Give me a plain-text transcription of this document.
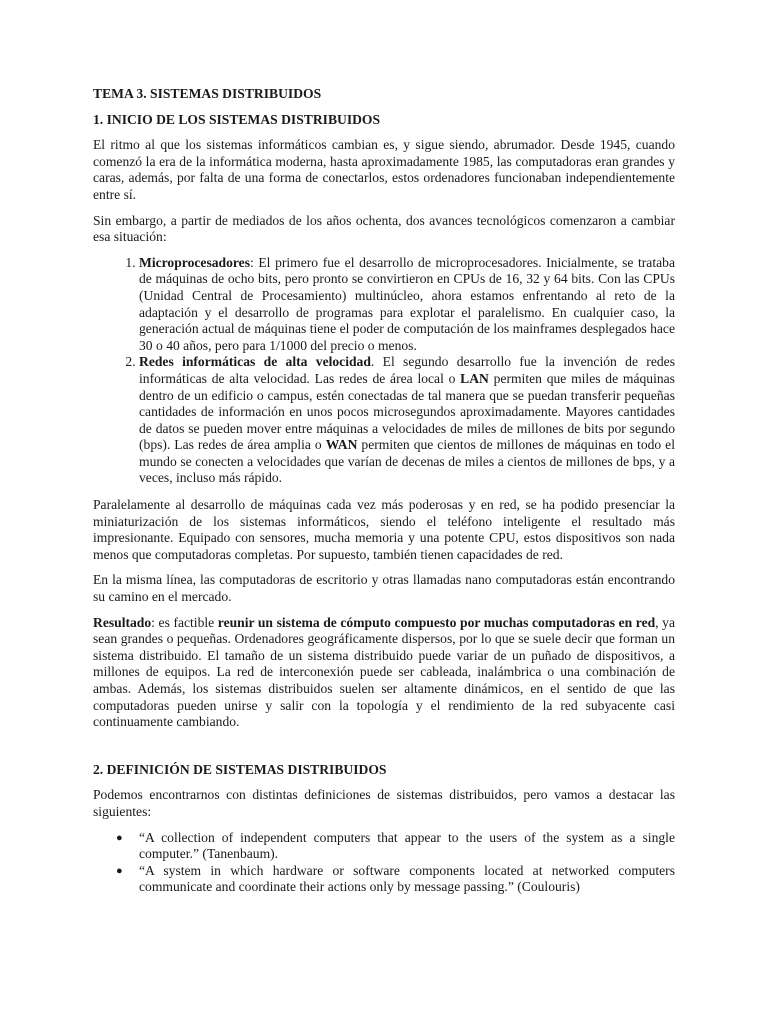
TEMA 3. SISTEMAS DISTRIBUIDOS
1. INICIO DE LOS SISTEMAS DISTRIBUIDOS

El ritmo al que los sistemas informáticos cambian es, y sigue siendo, abrumador. Desde 1945, cuando comenzó la era de la informática moderna, hasta aproximadamente 1985, las computadoras eran grandes y caras, además, por falta de una forma de conectarlos, estos ordenadores funcionaban independientemente entre sí.

Sin embargo, a partir de mediados de los años ochenta, dos avances tecnológicos comenzaron a cambiar esa situación:

1. Microprocesadores: El primero fue el desarrollo de microprocesadores. Inicialmente, se trataba de máquinas de ocho bits, pero pronto se convirtieron en CPUs de 16, 32 y 64 bits. Con las CPUs (Unidad Central de Procesamiento) multinúcleo, ahora estamos enfrentando al reto de la adaptación y el desarrollo de programas para explotar el paralelismo. En cualquier caso, la generación actual de máquinas tiene el poder de computación de los mainframes desplegados hace 30 o 40 años, pero para 1/1000 del precio o menos.
2. Redes informáticas de alta velocidad. El segundo desarrollo fue la invención de redes informáticas de alta velocidad. Las redes de área local o LAN permiten que miles de máquinas dentro de un edificio o campus, estén conectadas de tal manera que se puedan transferir pequeñas cantidades de información en unos pocos microsegundos aproximadamente. Mayores cantidades de datos se pueden mover entre máquinas a velocidades de miles de millones de bits por segundo (bps). Las redes de área amplia o WAN permiten que cientos de millones de máquinas en todo el mundo se conecten a velocidades que varían de decenas de miles a cientos de millones de bps, y a veces, incluso más rápido.

Paralelamente al desarrollo de máquinas cada vez más poderosas y en red, se ha podido presenciar la miniaturización de los sistemas informáticos, siendo el teléfono inteligente el resultado más impresionante. Equipado con sensores, mucha memoria y una potente CPU, estos dispositivos son nada menos que computadoras completas. Por supuesto, también tienen capacidades de red.

En la misma línea, las computadoras de escritorio y otras llamadas nano computadoras están encontrando su camino en el mercado.

Resultado: es factible reunir un sistema de cómputo compuesto por muchas computadoras en red, ya sean grandes o pequeñas. Ordenadores geográficamente dispersos, por lo que se suele decir que forman un sistema distribuido. El tamaño de un sistema distribuido puede variar de un puñado de dispositivos, a millones de equipos. La red de interconexión puede ser cableada, inalámbrica o una combinación de ambas. Además, los sistemas distribuidos suelen ser altamente dinámicos, en el sentido de que las computadoras pueden unirse y salir con la topología y el rendimiento de la red subyacente casi continuamente cambiando.

2. DEFINICIÓN DE SISTEMAS DISTRIBUIDOS

Podemos encontrarnos con distintas definiciones de sistemas distribuidos, pero vamos a destacar las siguientes:

● “A collection of independent computers that appear to the users of the system as a single computer.” (Tanenbaum).
● “A system in which hardware or software components located at networked computers communicate and coordinate their actions only by message passing.” (Coulouris)
